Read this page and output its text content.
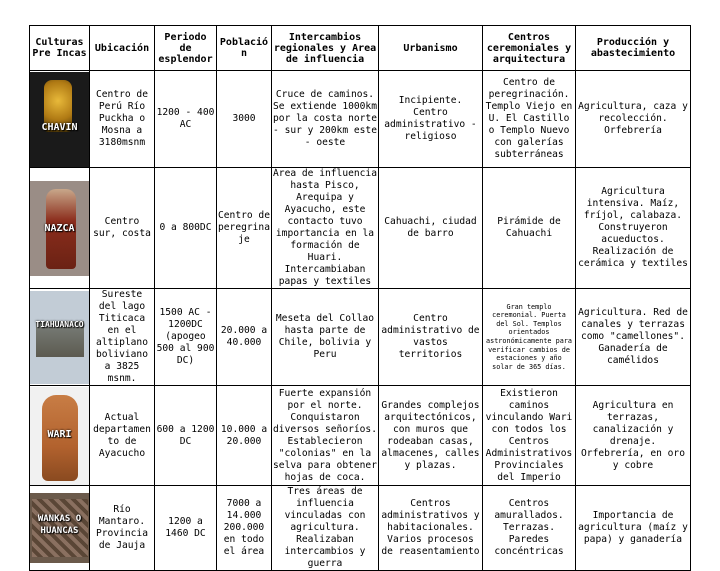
Culturas Pre Incas	Ubicación	Periodo de esplendor	Población	Intercambios regionales y Area de influencia	Urbanismo	Centros ceremoniales y arquitectura	Producción y abastecimiento

CHAVIN	Centro de Perú Río Puckha o Mosna a 3180msnm	1200 - 400 AC	3000	Cruce de caminos. Se extiende 1000km por la costa norte - sur y 200km este - oeste	Incipiente. Centro administrativo - religioso	Centro de peregrinación. Templo Viejo en U. El Castillo o Templo Nuevo con galerías subterráneas	Agricultura, caza y recolección. Orfebrería

NAZCA	Centro sur, costa	0 a 800DC	Centro de peregrinaje	Área de influencia hasta Pisco, Arequipa y Ayacucho, este contacto tuvo importancia en la formación de Huari. Intercambiaban papas y textiles	Cahuachi, ciudad de barro	Pirámide de Cahuachi	Agricultura intensiva. Maíz, fríjol, calabaza. Construyeron acueductos. Realización de cerámica y textiles

TIAHUANACO	Sureste del lago Titicaca en el altiplano boliviano a 3825 msnm.	1500 AC - 1200DC (apogeo 500 al 900 DC)	20.000 a 40.000	Meseta del Collao hasta parte de Chile, bolivia y Peru	Centro administrativo de vastos territorios	Gran templo ceremonial. Puerta del Sol. Templos orientados astronómicamente para verificar cambios de estaciones y año solar de 365 días.	Agricultura. Red de canales y terrazas como "camellones". Ganadería de camélidos

WARI	Actual departamento de Ayacucho	600 a 1200 DC	10.000 a 20.000	Fuerte expansión por el norte. Conquistaron diversos señoríos. Establecieron "colonias" en la selva para obtener hojas de coca.	Grandes complejos arquitectónicos, con muros que rodeaban casas, almacenes, calles y plazas.	Existieron caminos vinculando Wari con todos los Centros Administrativos Provinciales del Imperio	Agricultura en terrazas, canalización y drenaje. Orfebrería, en oro y cobre

WANKAS O HUANCAS	Río Mantaro. Provincia de Jauja	1200 a 1460 DC	7000 a 14.000 200.000 en todo el área	Tres áreas de influencia vinculadas con agricultura. Realizaban intercambios y guerra	Centros administrativos y habitacionales. Varios procesos de reasentamiento	Centros amurallados. Terrazas. Paredes concéntricas	Importancia de agricultura (maíz y papa) y ganadería
